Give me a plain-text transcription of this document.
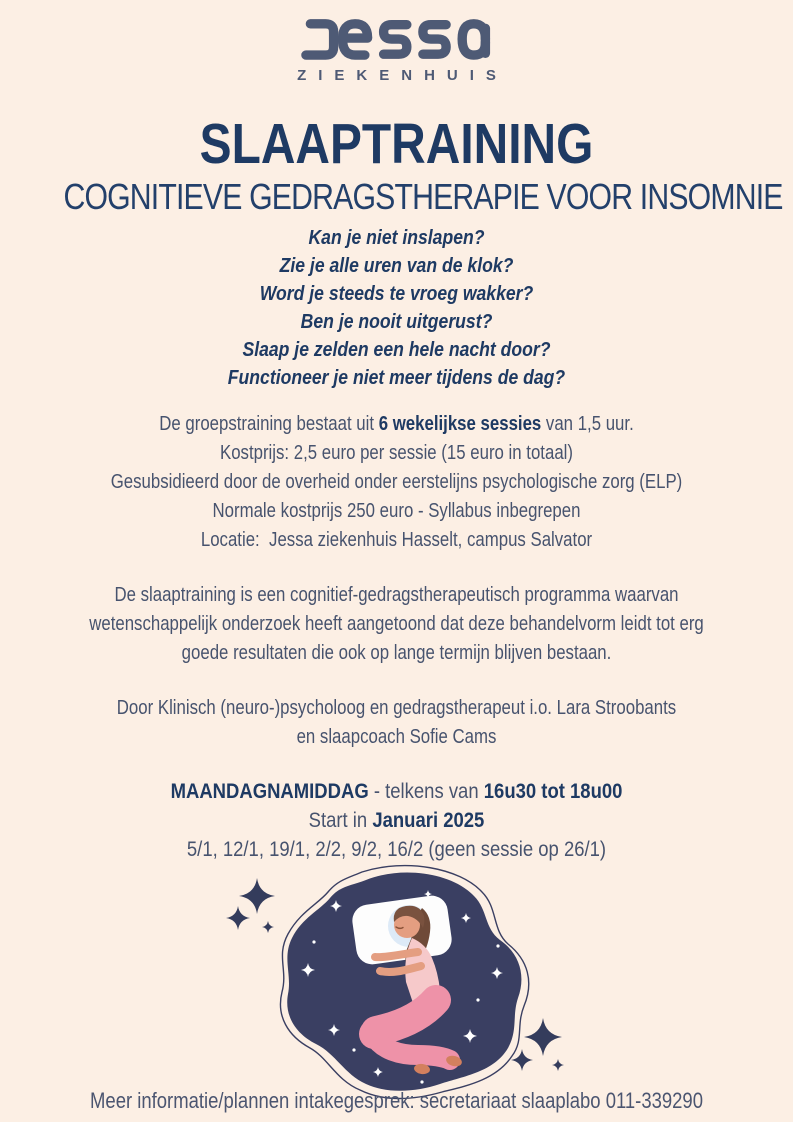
ZIEKENHUIS
SLAAPTRAINING
COGNITIEVE GEDRAGSTHERAPIE VOOR INSOMNIE
Kan je niet inslapen?
Zie je alle uren van de klok?
Word je steeds te vroeg wakker?
Ben je nooit uitgerust?
Slaap je zelden een hele nacht door?
Functioneer je niet meer tijdens de dag?
De groepstraining bestaat uit 6 wekelijkse sessies van 1,5 uur.
Kostprijs: 2,5 euro per sessie (15 euro in totaal)
Gesubsidieerd door de overheid onder eerstelijns psychologische zorg (ELP)
Normale kostprijs 250 euro - Syllabus inbegrepen
Locatie:  Jessa ziekenhuis Hasselt, campus Salvator
De slaaptraining is een cognitief-gedragstherapeutisch programma waarvan
wetenschappelijk onderzoek heeft aangetoond dat deze behandelvorm leidt tot erg
goede resultaten die ook op lange termijn blijven bestaan.
Door Klinisch (neuro-)psycholoog en gedragstherapeut i.o. Lara Stroobants
en slaapcoach Sofie Cams
MAANDAGNAMIDDAG - telkens van 16u30 tot 18u00
Start in Januari 2025
5/1, 12/1, 19/1, 2/2, 9/2, 16/2 (geen sessie op 26/1)
Meer informatie/plannen intakegesprek: secretariaat slaaplabo 011-339290
